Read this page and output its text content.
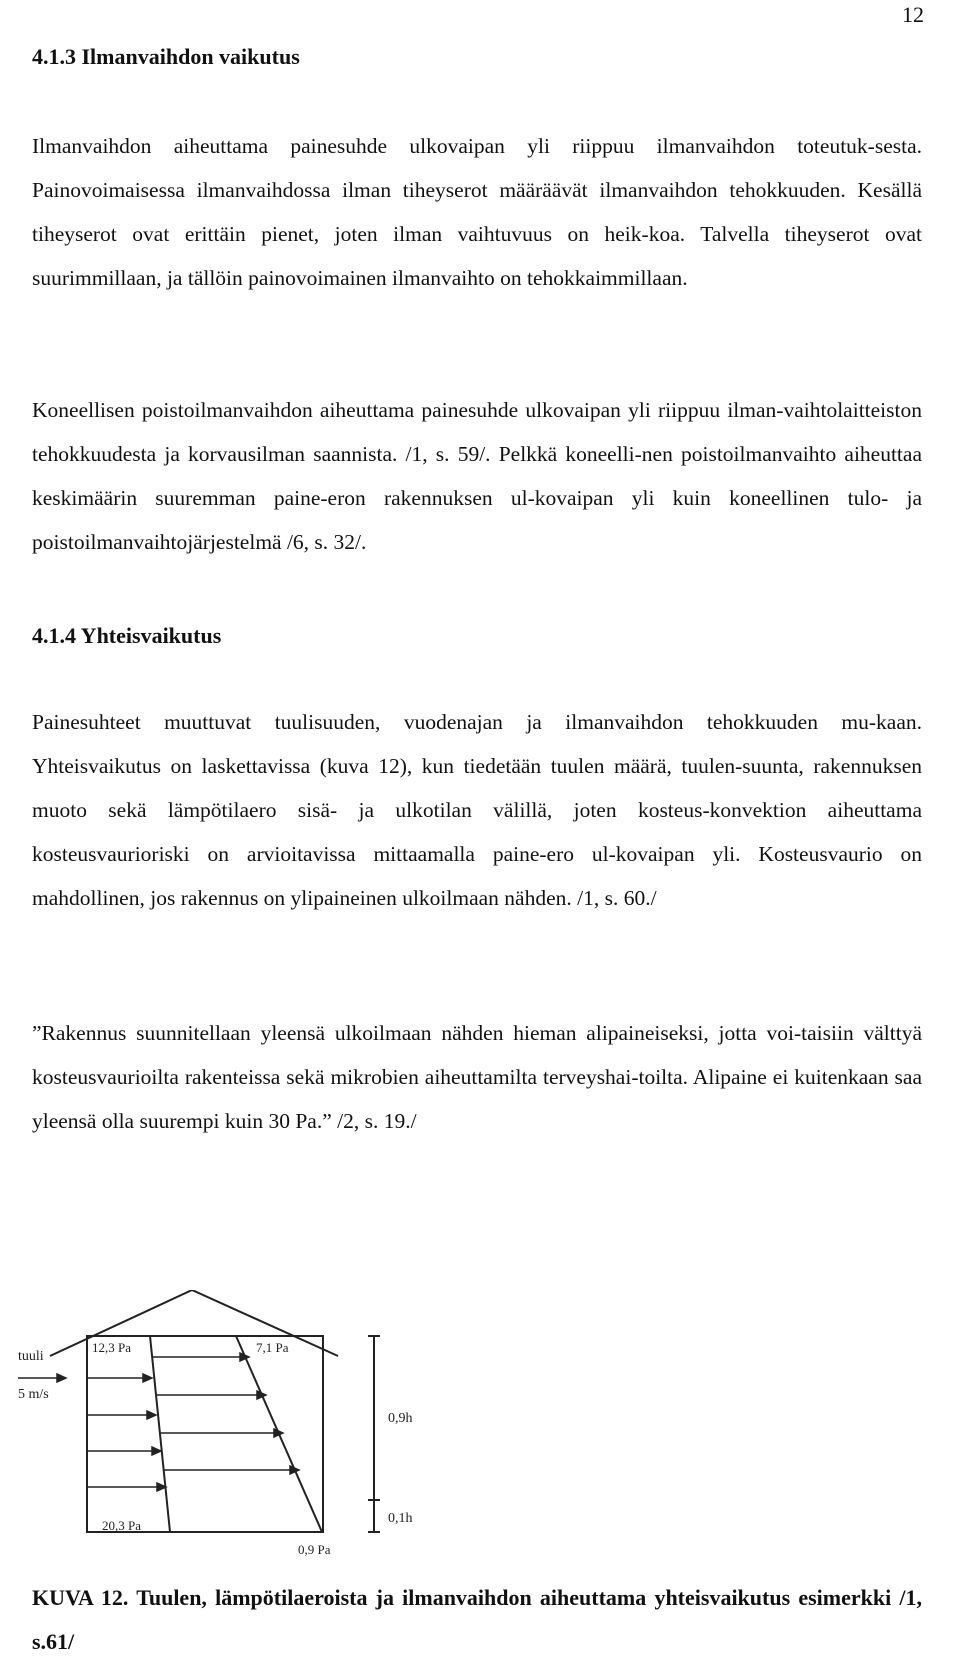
12
4.1.3 Ilmanvaihdon vaikutus

Ilmanvaihdon aiheuttama painesuhde ulkovaipan yli riippuu ilmanvaihdon toteutuk-sesta. Painovoimaisessa ilmanvaihdossa ilman tiheyserot määräävät ilmanvaihdon tehokkuuden. Kesällä tiheyserot ovat erittäin pienet, joten ilman vaihtuvuus on heik-koa. Talvella tiheyserot ovat suurimmillaan, ja tällöin painovoimainen ilmanvaihto on tehokkaimmillaan.

Koneellisen poistoilmanvaihdon aiheuttama painesuhde ulkovaipan yli riippuu ilman-vaihtolaitteiston tehokkuudesta ja korvausilman saannista. /1, s. 59/. Pelkkä koneelli-nen poistoilmanvaihto aiheuttaa keskimäärin suuremman paine-eron rakennuksen ul-kovaipan yli kuin koneellinen tulo- ja poistoilmanvaihtojärjestelmä /6, s. 32/.

4.1.4 Yhteisvaikutus

Painesuhteet muuttuvat tuulisuuden, vuodenajan ja ilmanvaihdon tehokkuuden mu-kaan. Yhteisvaikutus on laskettavissa (kuva 12), kun tiedetään tuulen määrä, tuulen-suunta, rakennuksen muoto sekä lämpötilaero sisä- ja ulkotilan välillä, joten kosteus-konvektion aiheuttama kosteusvaurioriski on arvioitavissa mittaamalla paine-ero ul-kovaipan yli. Kosteusvaurio on mahdollinen, jos rakennus on ylipaineinen ulkoilmaan nähden. /1, s. 60./

”Rakennus suunnitellaan yleensä ulkoilmaan nähden hieman alipaineiseksi, jotta voi-taisiin välttyä kosteusvaurioilta rakenteissa sekä mikrobien aiheuttamilta terveyshai-toilta. Alipaine ei kuitenkaan saa yleensä olla suurempi kuin 30 Pa.” /2, s. 19./

12,3 Pa	7,1 Pa
20,3 Pa
0,9 Pa
tuuli
5 m/s
0,9h
0,1h

KUVA 12. Tuulen, lämpötilaeroista ja ilmanvaihdon aiheuttama yhteisvaikutus esimerkki /1, s.61/
